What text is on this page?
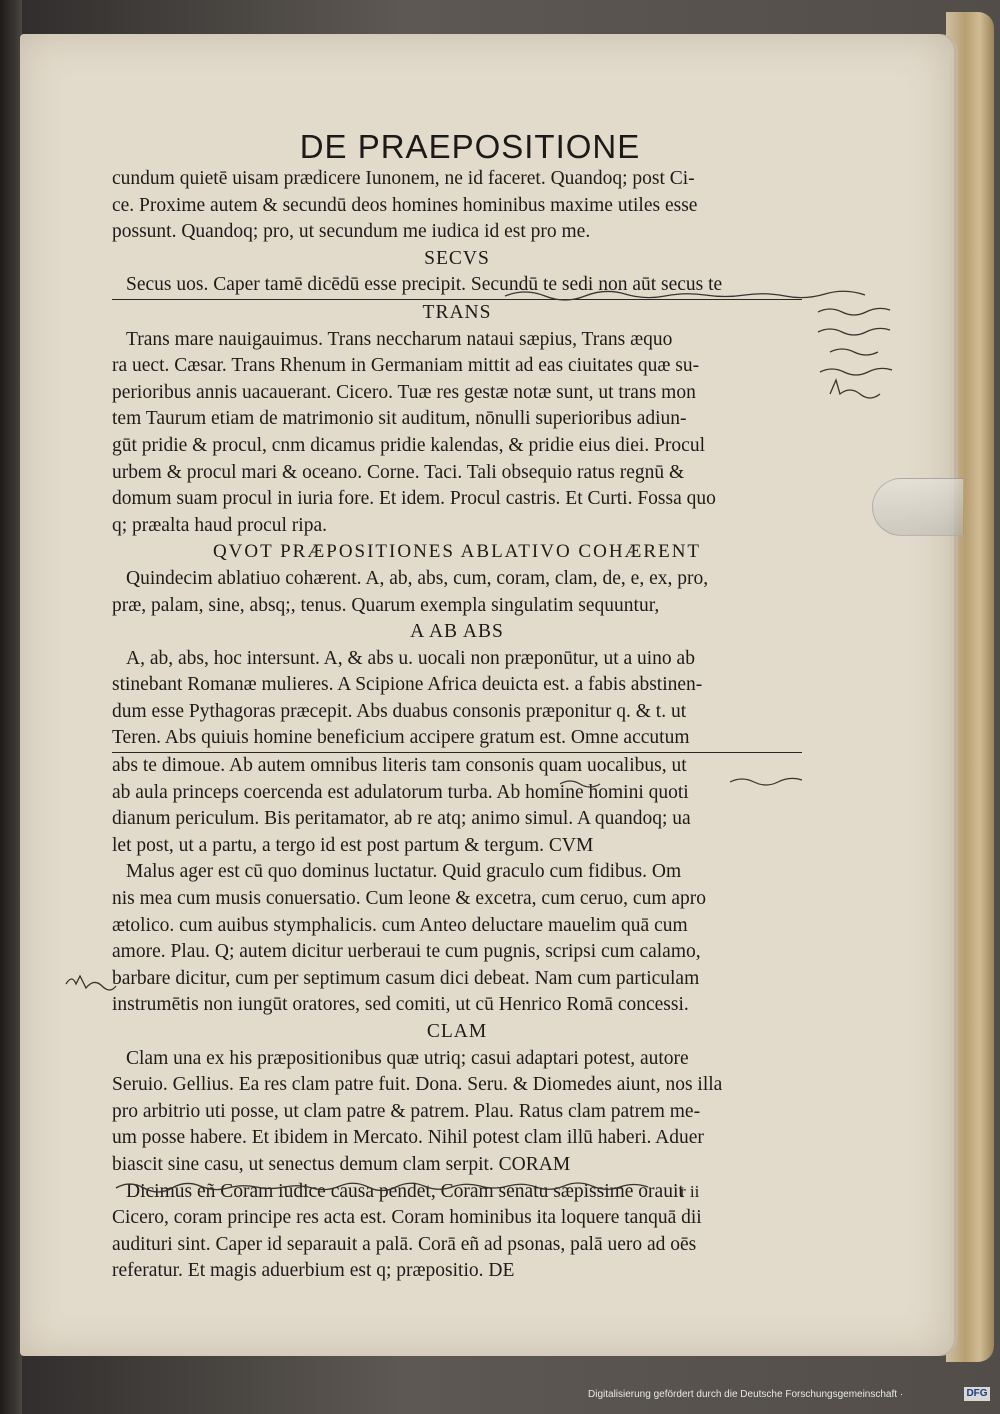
DE PRAEPOSITIONE
cundum quietē uisam prædicere Iunonem, ne id faceret. Quandoq; post Ci-
ce. Proxime autem & secundū deos homines hominibus maxime utiles esse
possunt. Quandoq; pro, ut secundum me iudica id est pro me.
SECVS
Secus uos. Caper tamē dicēdū esse precipit. Secundū te sedi non aūt secus te
TRANS
Trans mare nauigauimus. Trans neccharum nataui sæpius, Trans æquo
ra uect. Cæsar. Trans Rhenum in Germaniam mittit ad eas ciuitates quæ su-
perioribus annis uacauerant. Cicero. Tuæ res gestæ notæ sunt, ut trans mon
tem Taurum etiam de matrimonio sit auditum, nōnulli superioribus adiun-
gūt pridie & procul, cnm dicamus pridie kalendas, & pridie eius diei. Procul
urbem & procul mari & oceano. Corne. Taci. Tali obsequio ratus regnū &
domum suam procul in iuria fore. Et idem. Procul castris. Et Curti. Fossa quo
q; præalta haud procul ripa.
QVOT PRÆPOSITIONES ABLATIVO COHÆRENT
Quindecim ablatiuo cohærent. A, ab, abs, cum, coram, clam, de, e, ex, pro,
præ, palam, sine, absq;, tenus. Quarum exempla singulatim sequuntur,
A AB ABS
A, ab, abs, hoc intersunt. A, & abs u. uocali non præponūtur, ut a uino ab
stinebant Romanæ mulieres. A Scipione Africa deuicta est. a fabis abstinen-
dum esse Pythagoras præcepit. Abs duabus consonis præponitur q. & t. ut
Teren. Abs quiuis homine beneficium accipere gratum est. Omne accutum
abs te dimoue. Ab autem omnibus literis tam consonis quam uocalibus, ut
ab aula princeps coercenda est adulatorum turba. Ab homine homini quoti
dianum periculum. Bis peritamator, ab re atq; animo simul. A quandoq; ua
let post, ut a partu, a tergo id est post partum & tergum. CVM
Malus ager est cū quo dominus luctatur. Quid graculo cum fidibus. Om
nis mea cum musis conuersatio. Cum leone & excetra, cum ceruo, cum apro
ætolico. cum auibus stymphalicis. cum Anteo deluctare mauelim quā cum
amore. Plau. Q; autem dicitur uerberaui te cum pugnis, scripsi cum calamo,
barbare dicitur, cum per septimum casum dici debeat. Nam cum particulam
instrumētis non iungūt oratores, sed comiti, ut cū Henrico Romā concessi.
CLAM
Clam una ex his præpositionibus quæ utriq; casui adaptari potest, autore
Seruio. Gellius. Ea res clam patre fuit. Dona. Seru. & Diomedes aiunt, nos illa
pro arbitrio uti posse, ut clam patre & patrem. Plau. Ratus clam patrem me-
um posse habere. Et ibidem in Mercato. Nihil potest clam illū haberi. Aduer
biascit sine casu, ut senectus demum clam serpit. CORAM
Dicimus eñ Coram iudice causa pendet, Coram senatu sæpissime orauit
Cicero, coram principe res acta est. Coram hominibus ita loquere tanquā dii
audituri sint. Caper id separauit a palā. Corā eñ ad psonas, palā uero ad oēs
referatur. Et magis aduerbium est q; præpositio. DE
r ii
Digitalisierung gefördert durch die Deutsche Forschungsgemeinschaft ·	DFG
